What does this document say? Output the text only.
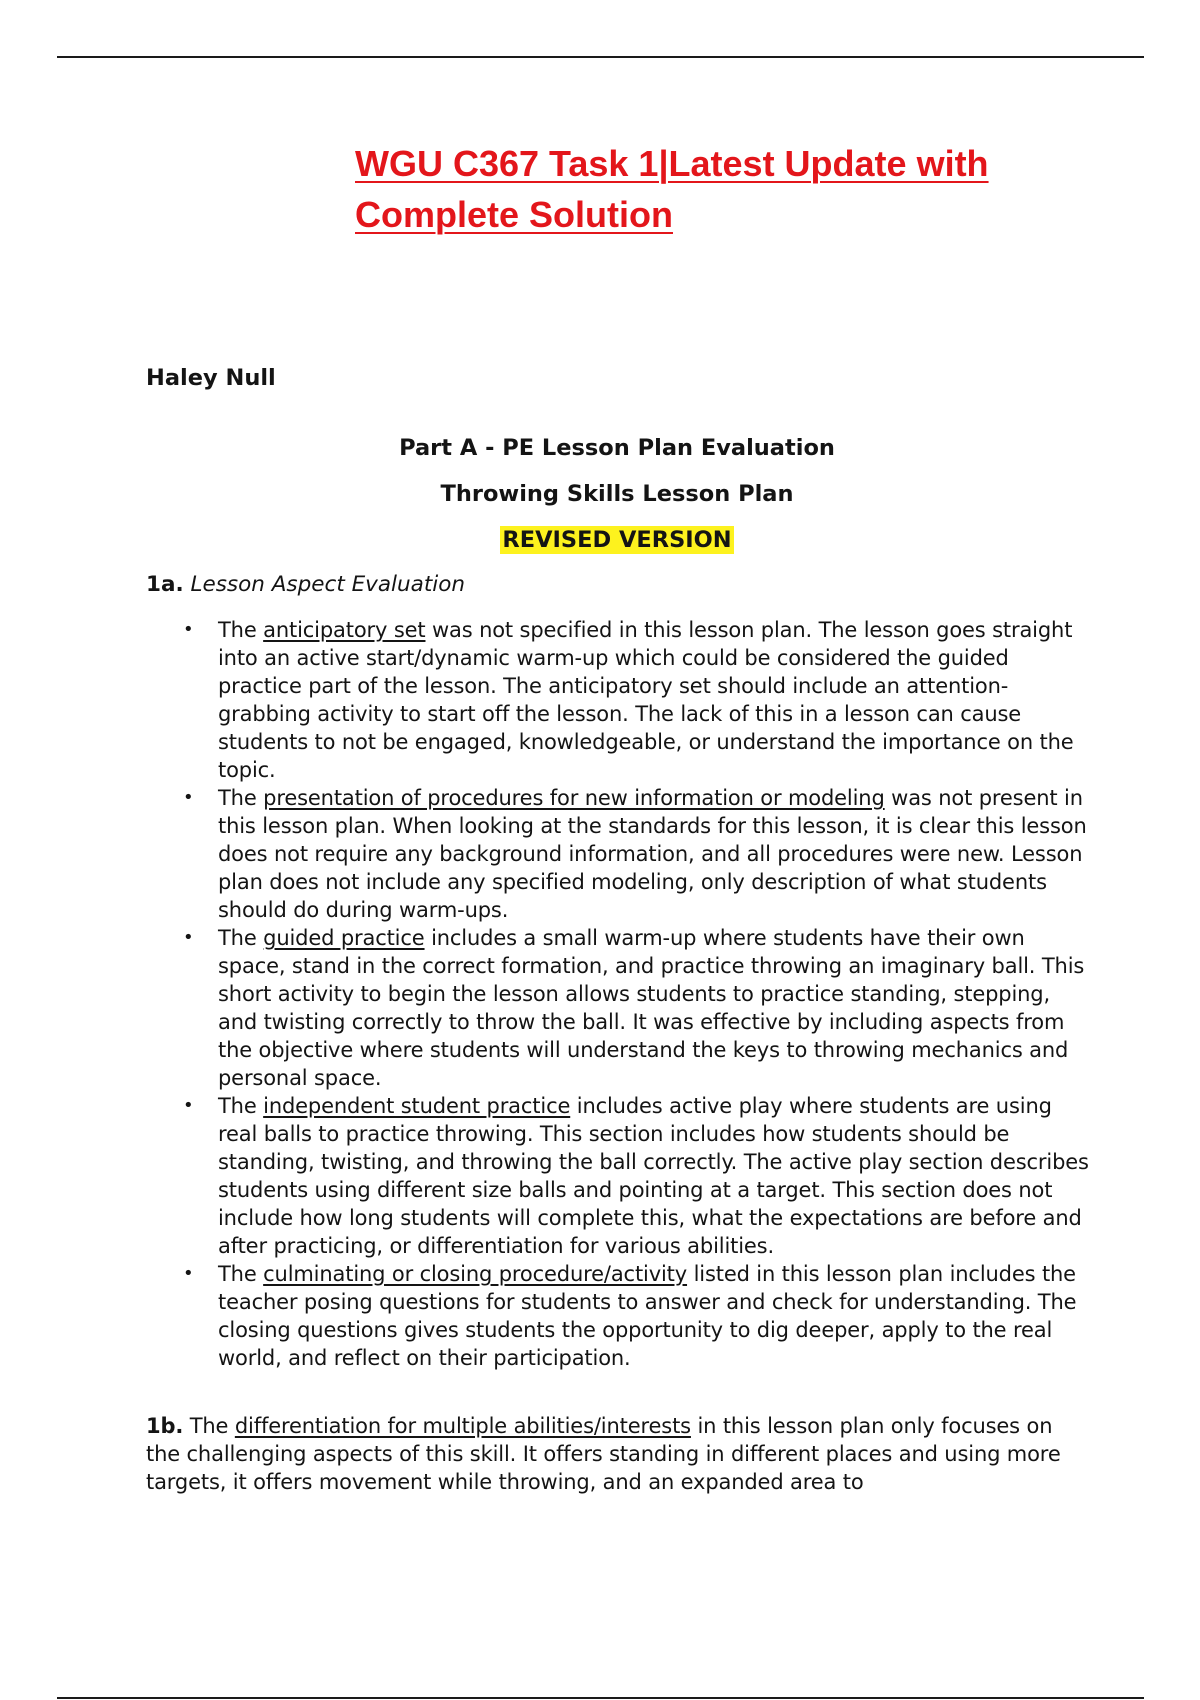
WGU C367 Task 1|Latest Update with Complete Solution
Haley Null
Part A - PE Lesson Plan Evaluation
Throwing Skills Lesson Plan
REVISED VERSION
1a. Lesson Aspect Evaluation
• The anticipatory set was not specified in this lesson plan. The lesson goes straight into an active start/dynamic warm-up which could be considered the guided practice part of the lesson. The anticipatory set should include an attention-grabbing activity to start off the lesson. The lack of this in a lesson can cause students to not be engaged, knowledgeable, or understand the importance on the topic.
• The presentation of procedures for new information or modeling was not present in this lesson plan. When looking at the standards for this lesson, it is clear this lesson does not require any background information, and all procedures were new. Lesson plan does not include any specified modeling, only description of what students should do during warm-ups.
• The guided practice includes a small warm-up where students have their own space, stand in the correct formation, and practice throwing an imaginary ball. This short activity to begin the lesson allows students to practice standing, stepping, and twisting correctly to throw the ball. It was effective by including aspects from the objective where students will understand the keys to throwing mechanics and personal space.
• The independent student practice includes active play where students are using real balls to practice throwing. This section includes how students should be standing, twisting, and throwing the ball correctly. The active play section describes students using different size balls and pointing at a target. This section does not include how long students will complete this, what the expectations are before and after practicing, or differentiation for various abilities.
• The culminating or closing procedure/activity listed in this lesson plan includes the teacher posing questions for students to answer and check for understanding. The closing questions gives students the opportunity to dig deeper, apply to the real world, and reflect on their participation.

1b. The differentiation for multiple abilities/interests in this lesson plan only focuses on the challenging aspects of this skill. It offers standing in different places and using more targets, it offers movement while throwing, and an expanded area to
